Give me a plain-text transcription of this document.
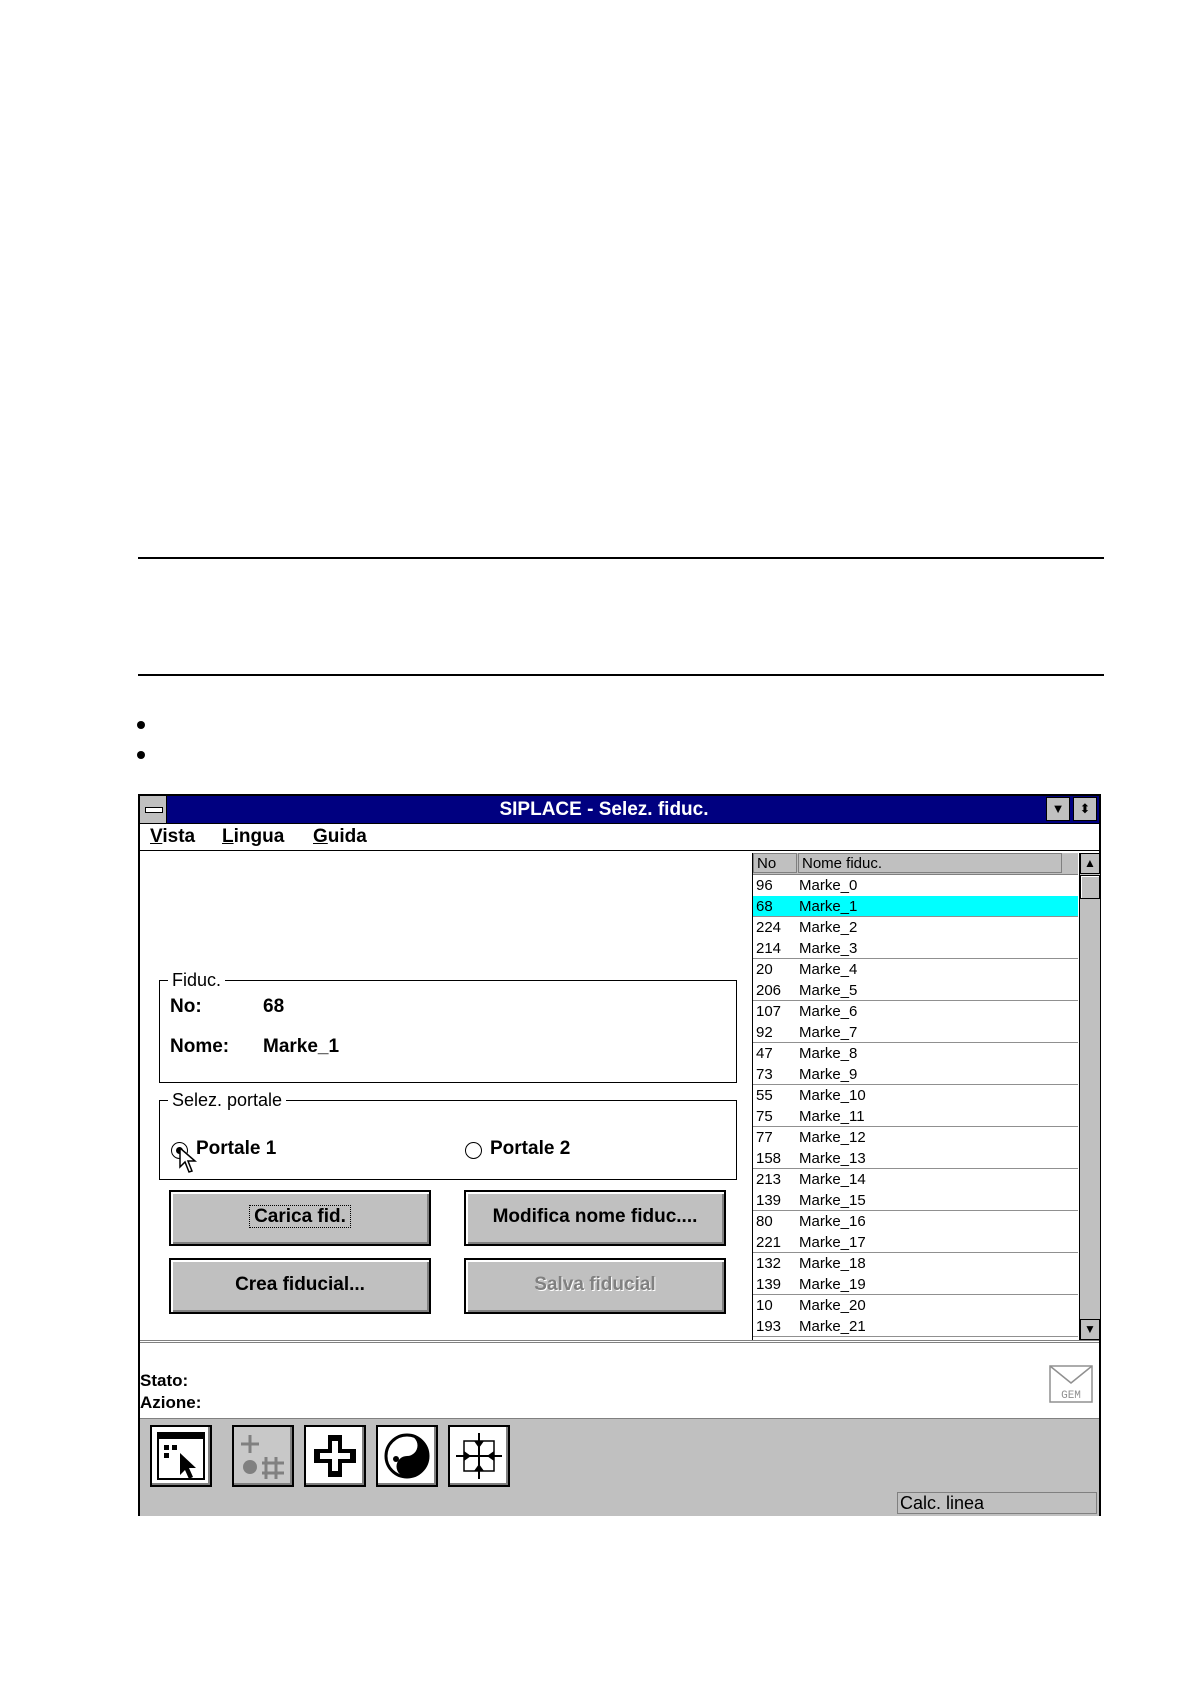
SIPLACE - Selez. fiduc.	▼	⬍
Vista Lingua Guida
Fiduc.
No:	68
Nome: Marke_1
Selez. portale
Portale 1	Portale 2
Carica fid.	Modifica nome fiduc....
Crea fiducial...	Salva fiducial
No	Nome fiduc.
96 Marke_0
68 Marke_1
224 Marke_2
214 Marke_3
20 Marke_4
206 Marke_5
107 Marke_6
92 Marke_7
47 Marke_8
73 Marke_9
55 Marke_10
75 Marke_11
77 Marke_12
158 Marke_13
213 Marke_14
139 Marke_15
80 Marke_16
221 Marke_17
132 Marke_18
139 Marke_19
10 Marke_20
193 Marke_21
▲
▼
Stato:
Azione:	GEM
Calc. linea
